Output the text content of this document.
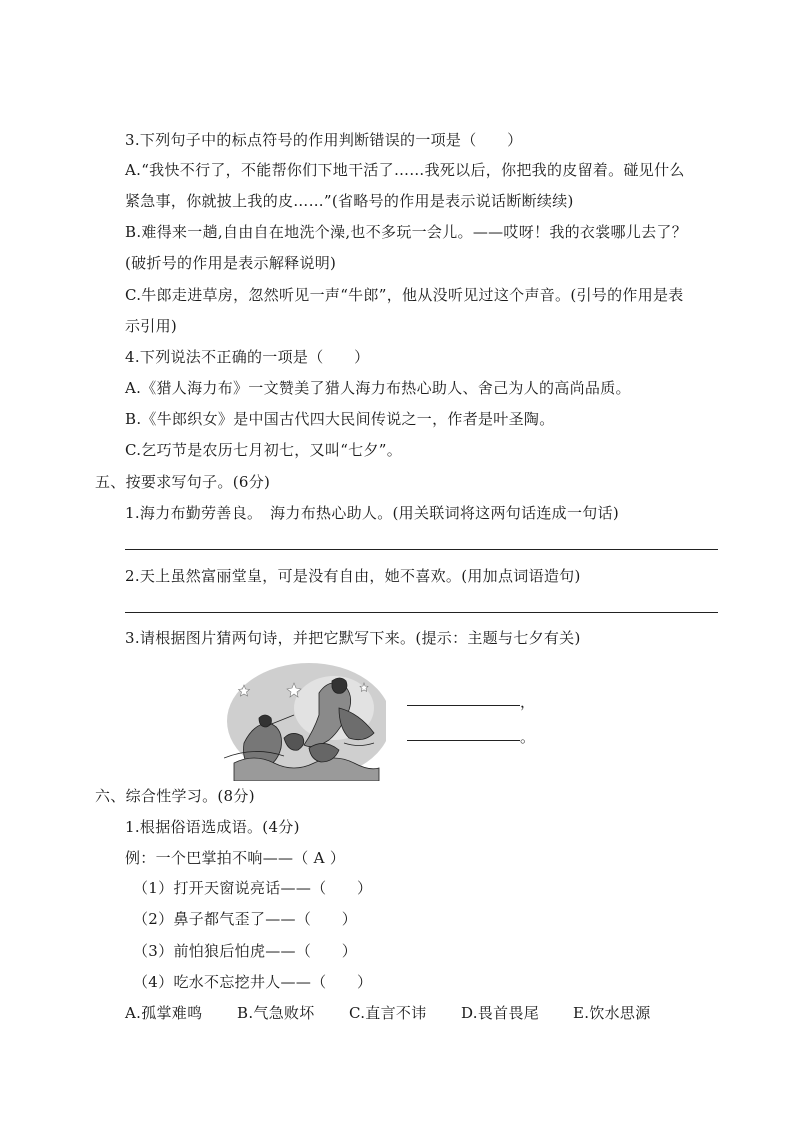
3.下列句子中的标点符号的作用判断错误的一项是（　　）
A.“我快不行了，不能帮你们下地干活了……我死以后，你把我的皮留着。碰见什么
紧急事，你就披上我的皮……”(省略号的作用是表示说话断断续续)
B.难得来一趟,自由自在地洗个澡,也不多玩一会儿。——哎呀！我的衣裳哪儿去了？
(破折号的作用是表示解释说明)
C.牛郎走进草房，忽然听见一声“牛郎”，他从没听见过这个声音。(引号的作用是表
示引用)
4.下列说法不正确的一项是（　　）
A.《猎人海力布》一文赞美了猎人海力布热心助人、舍己为人的高尚品质。
B.《牛郎织女》是中国古代四大民间传说之一，作者是叶圣陶。
C.乞巧节是农历七月初七，又叫“七夕”。
五、按要求写句子。(6分)
1.海力布勤劳善良。　海力布热心助人。(用关联词将这两句话连成一句话)
2.天上虽然富丽堂皇，可是没有自由，她不喜欢。(用加点词语造句)
3.请根据图片猜两句诗，并把它默写下来。(提示：主题与七夕有关)
，
。
六、综合性学习。(8分)
1.根据俗语选成语。(4分)
例：一个巴掌拍不响——（ A ）
（1）打开天窗说亮话——（　　）
（2）鼻子都气歪了——（　　）
（3）前怕狼后怕虎——（　　）
（4）吃水不忘挖井人——（　　）
A.孤掌难鸣 B.气急败坏 C.直言不讳 D.畏首畏尾 E.饮水思源
